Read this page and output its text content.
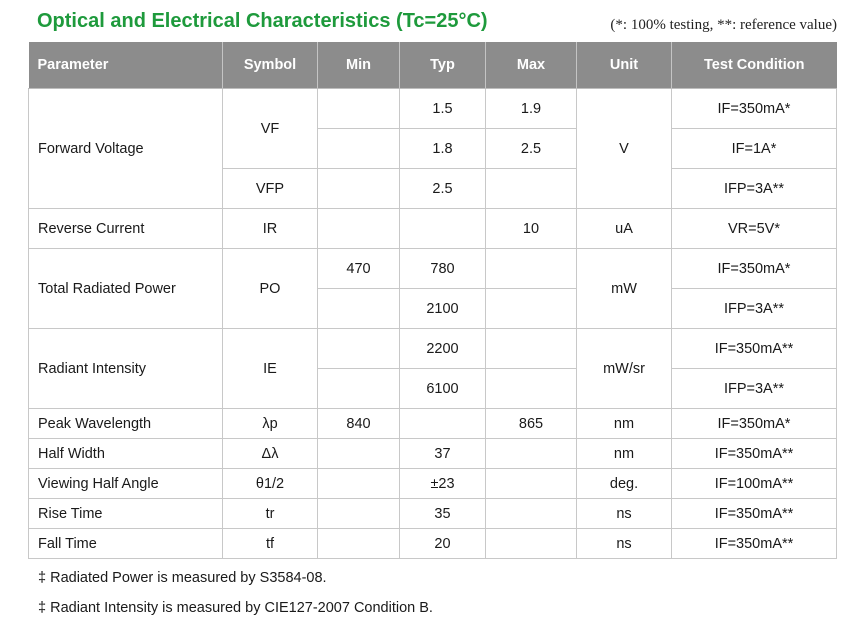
Optical and Electrical Characteristics (Tc=25°C)	(*: 100% testing, **: reference value)
Parameter	Symbol	Min	Typ	Max	Unit	Test Condition
Forward Voltage	VF		1.5	1.9	V	IF=350mA*
			1.8	2.5		IF=1A*
	VFP		2.5			IFP=3A**
Reverse Current	IR			10	uA	VR=5V*
Total Radiated Power	PO	470	780		mW	IF=350mA*
			2100			IFP=3A**
Radiant Intensity	IE		2200		mW/sr	IF=350mA**
			6100			IFP=3A**
Peak Wavelength	λp	840		865	nm	IF=350mA*
Half Width	Δλ		37		nm	IF=350mA**
Viewing Half Angle	θ1/2		±23		deg.	IF=100mA**
Rise Time	tr		35		ns	IF=350mA**
Fall Time	tf		20		ns	IF=350mA**
‡ Radiated Power is measured by S3584-08.
‡ Radiant Intensity is measured by CIE127-2007 Condition B.
